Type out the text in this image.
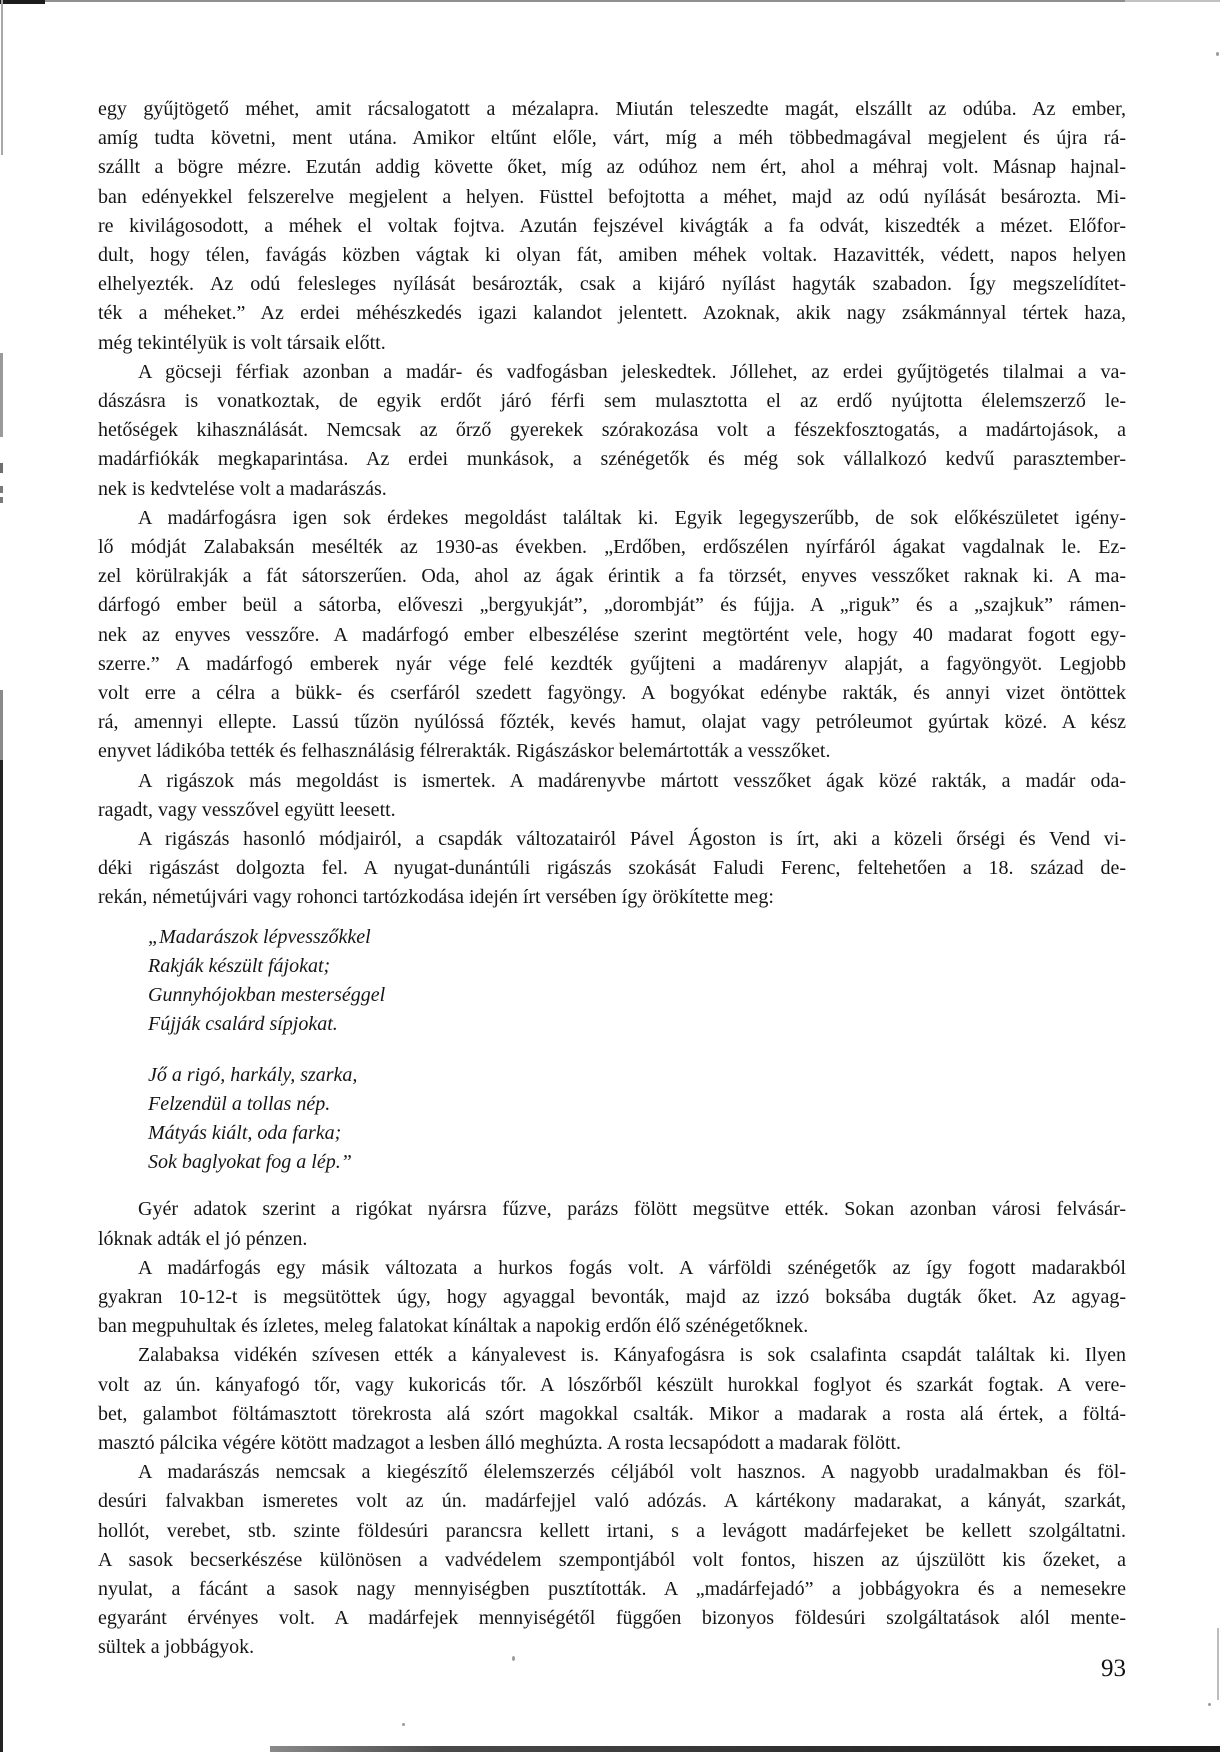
egy gyűjtögető méhet, amit rácsalogatott a mézalapra. Miután teleszedte magát, elszállt az odúba. Az ember,
amíg tudta követni, ment utána. Amikor eltűnt előle, várt, míg a méh többedmagával megjelent és újra rá-
szállt a bögre mézre. Ezután addig követte őket, míg az odúhoz nem ért, ahol a méhraj volt. Másnap hajnal-
ban edényekkel felszerelve megjelent a helyen. Füsttel befojtotta a méhet, majd az odú nyílását besározta. Mi-
re kivilágosodott, a méhek el voltak fojtva. Azután fejszével kivágták a fa odvát, kiszedték a mézet. Előfor-
dult, hogy télen, favágás közben vágtak ki olyan fát, amiben méhek voltak. Hazavitték, védett, napos helyen
elhelyezték. Az odú felesleges nyílását besározták, csak a kijáró nyílást hagyták szabadon. Így megszelídítet-
ték a méheket.” Az erdei méhészkedés igazi kalandot jelentett. Azoknak, akik nagy zsákmánnyal tértek haza,
még tekintélyük is volt társaik előtt.
A göcseji férfiak azonban a madár- és vadfogásban jeleskedtek. Jóllehet, az erdei gyűjtögetés tilalmai a va-
dászásra is vonatkoztak, de egyik erdőt járó férfi sem mulasztotta el az erdő nyújtotta élelemszerző le-
hetőségek kihasználását. Nemcsak az őrző gyerekek szórakozása volt a fészekfosztogatás, a madártojások, a
madárfiókák megkaparintása. Az erdei munkások, a szénégetők és még sok vállalkozó kedvű parasztember-
nek is kedvtelése volt a madarászás.
A madárfogásra igen sok érdekes megoldást találtak ki. Egyik legegyszerűbb, de sok előkészületet igény-
lő módját Zalabaksán mesélték az 1930-as években. „Erdőben, erdőszélen nyírfáról ágakat vagdalnak le. Ez-
zel körülrakják a fát sátorszerűen. Oda, ahol az ágak érintik a fa törzsét, enyves vesszőket raknak ki. A ma-
dárfogó ember beül a sátorba, előveszi „bergyukját”, „dorombját” és fújja. A „riguk” és a „szajkuk” rámen-
nek az enyves vesszőre. A madárfogó ember elbeszélése szerint megtörtént vele, hogy 40 madarat fogott egy-
szerre.” A madárfogó emberek nyár vége felé kezdték gyűjteni a madárenyv alapját, a fagyöngyöt. Legjobb
volt erre a célra a bükk- és cserfáról szedett fagyöngy. A bogyókat edénybe rakták, és annyi vizet öntöttek
rá, amennyi ellepte. Lassú tűzön nyúlóssá főzték, kevés hamut, olajat vagy petróleumot gyúrtak közé. A kész
enyvet ládikóba tették és felhasználásig félrerakták. Rigászáskor belemártották a vesszőket.
A rigászok más megoldást is ismertek. A madárenyvbe mártott vesszőket ágak közé rakták, a madár oda-
ragadt, vagy vesszővel együtt leesett.
A rigászás hasonló módjairól, a csapdák változatairól Pável Ágoston is írt, aki a közeli őrségi és Vend vi-
déki rigászást dolgozta fel. A nyugat-dunántúli rigászás szokását Faludi Ferenc, feltehetően a 18. század de-
rekán, németújvári vagy rohonci tartózkodása idején írt versében így örökítette meg:
„Madarászok lépvesszőkkel
Rakják készült fájokat;
Gunnyhójokban mesterséggel
Fújják csalárd sípjokat.
Jő a rigó, harkály, szarka,
Felzendül a tollas nép.
Mátyás kiált, oda farka;
Sok baglyokat fog a lép.”
Gyér adatok szerint a rigókat nyársra fűzve, parázs fölött megsütve ették. Sokan azonban városi felvásár-
lóknak adták el jó pénzen.
A madárfogás egy másik változata a hurkos fogás volt. A várföldi szénégetők az így fogott madarakból
gyakran 10-12-t is megsütöttek úgy, hogy agyaggal bevonták, majd az izzó boksába dugták őket. Az agyag-
ban megpuhultak és ízletes, meleg falatokat kínáltak a napokig erdőn élő szénégetőknek.
Zalabaksa vidékén szívesen ették a kányalevest is. Kányafogásra is sok csalafinta csapdát találtak ki. Ilyen
volt az ún. kányafogó tőr, vagy kukoricás tőr. A lószőrből készült hurokkal foglyot és szarkát fogtak. A vere-
bet, galambot föltámasztott törekrosta alá szórt magokkal csalták. Mikor a madarak a rosta alá értek, a föltá-
masztó pálcika végére kötött madzagot a lesben álló meghúzta. A rosta lecsapódott a madarak fölött.
A madarászás nemcsak a kiegészítő élelemszerzés céljából volt hasznos. A nagyobb uradalmakban és föl-
desúri falvakban ismeretes volt az ún. madárfejjel való adózás. A kártékony madarakat, a kányát, szarkát,
hollót, verebet, stb. szinte földesúri parancsra kellett irtani, s a levágott madárfejeket be kellett szolgáltatni.
A sasok becserkészése különösen a vadvédelem szempontjából volt fontos, hiszen az újszülött kis őzeket, a
nyulat, a fácánt a sasok nagy mennyiségben pusztították. A „madárfejadó” a jobbágyokra és a nemesekre
egyaránt érvényes volt. A madárfejek mennyiségétől függően bizonyos földesúri szolgáltatások alól mente-
sültek a jobbágyok.
93
